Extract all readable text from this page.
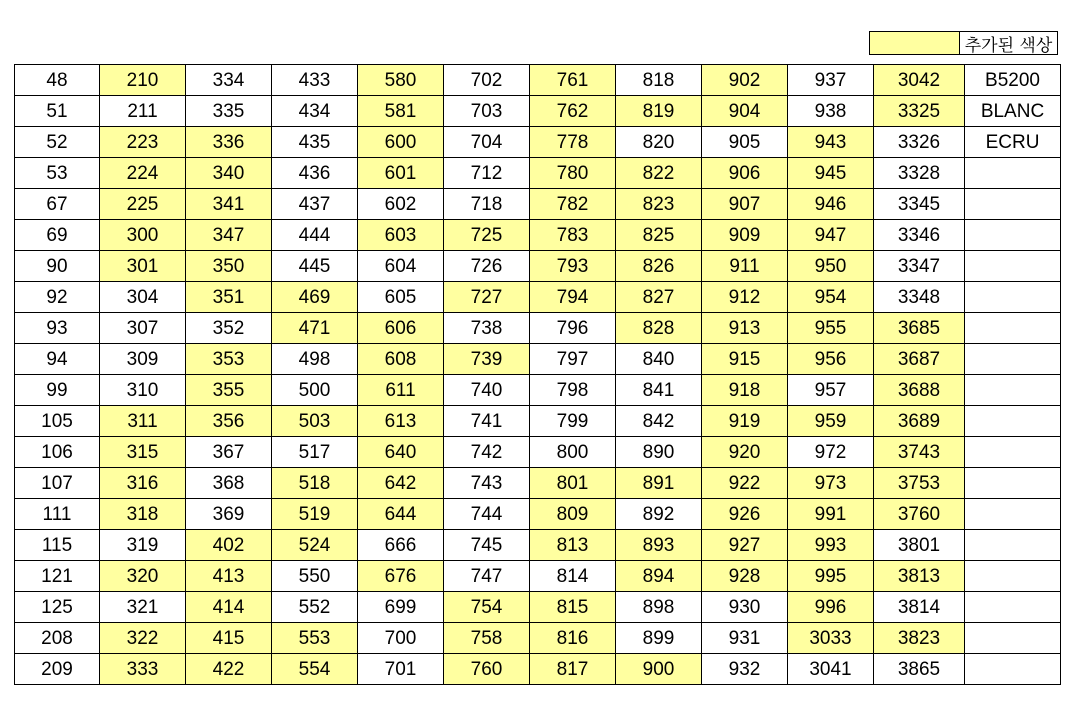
추가된 색상
48	210	334	433	580	702	761	818	902	937	3042	B5200
51	211	335	434	581	703	762	819	904	938	3325	BLANC
52	223	336	435	600	704	778	820	905	943	3326	ECRU
53	224	340	436	601	712	780	822	906	945	3328	
67	225	341	437	602	718	782	823	907	946	3345	
69	300	347	444	603	725	783	825	909	947	3346	
90	301	350	445	604	726	793	826	911	950	3347	
92	304	351	469	605	727	794	827	912	954	3348	
93	307	352	471	606	738	796	828	913	955	3685	
94	309	353	498	608	739	797	840	915	956	3687	
99	310	355	500	611	740	798	841	918	957	3688	
105	311	356	503	613	741	799	842	919	959	3689	
106	315	367	517	640	742	800	890	920	972	3743	
107	316	368	518	642	743	801	891	922	973	3753	
111	318	369	519	644	744	809	892	926	991	3760	
115	319	402	524	666	745	813	893	927	993	3801	
121	320	413	550	676	747	814	894	928	995	3813	
125	321	414	552	699	754	815	898	930	996	3814	
208	322	415	553	700	758	816	899	931	3033	3823	
209	333	422	554	701	760	817	900	932	3041	3865	
